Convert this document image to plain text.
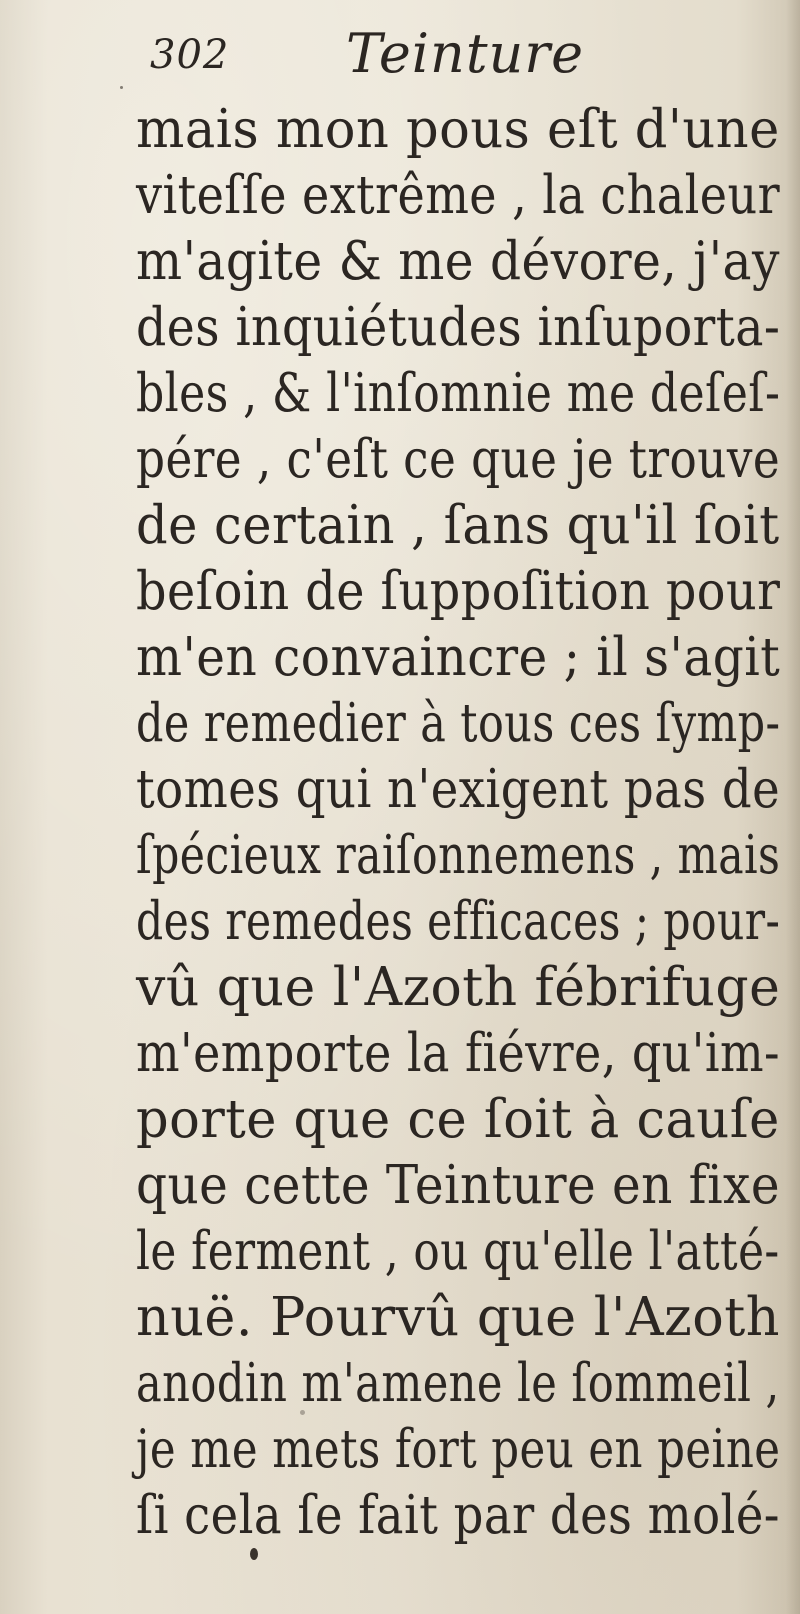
302 Teinture
mais mon pous eſt d'une
viteſſe extrême , la chaleur
m'agite & me dévore, j'ay
des inquiétudes inſuporta-
bles , & l'inſomnie me deſeſ-
pére , c'eſt ce que je trouve
de certain , ſans qu'il ſoit
beſoin de ſuppoſition pour
m'en convaincre ; il s'agit
de remedier à tous ces ſymp-
tomes qui n'exigent pas de
ſpécieux raiſonnemens , mais
des remedes efficaces ; pour-
vû que l'Azoth fébrifuge
m'emporte la fiévre, qu'im-
porte que ce ſoit à cauſe
que cette Teinture en fixe
le ferment , ou qu'elle l'atté-
nuë. Pourvû que l'Azoth
anodin m'amene le ſommeil ,
je me mets fort peu en peine
ſi cela ſe fait par des molé-
